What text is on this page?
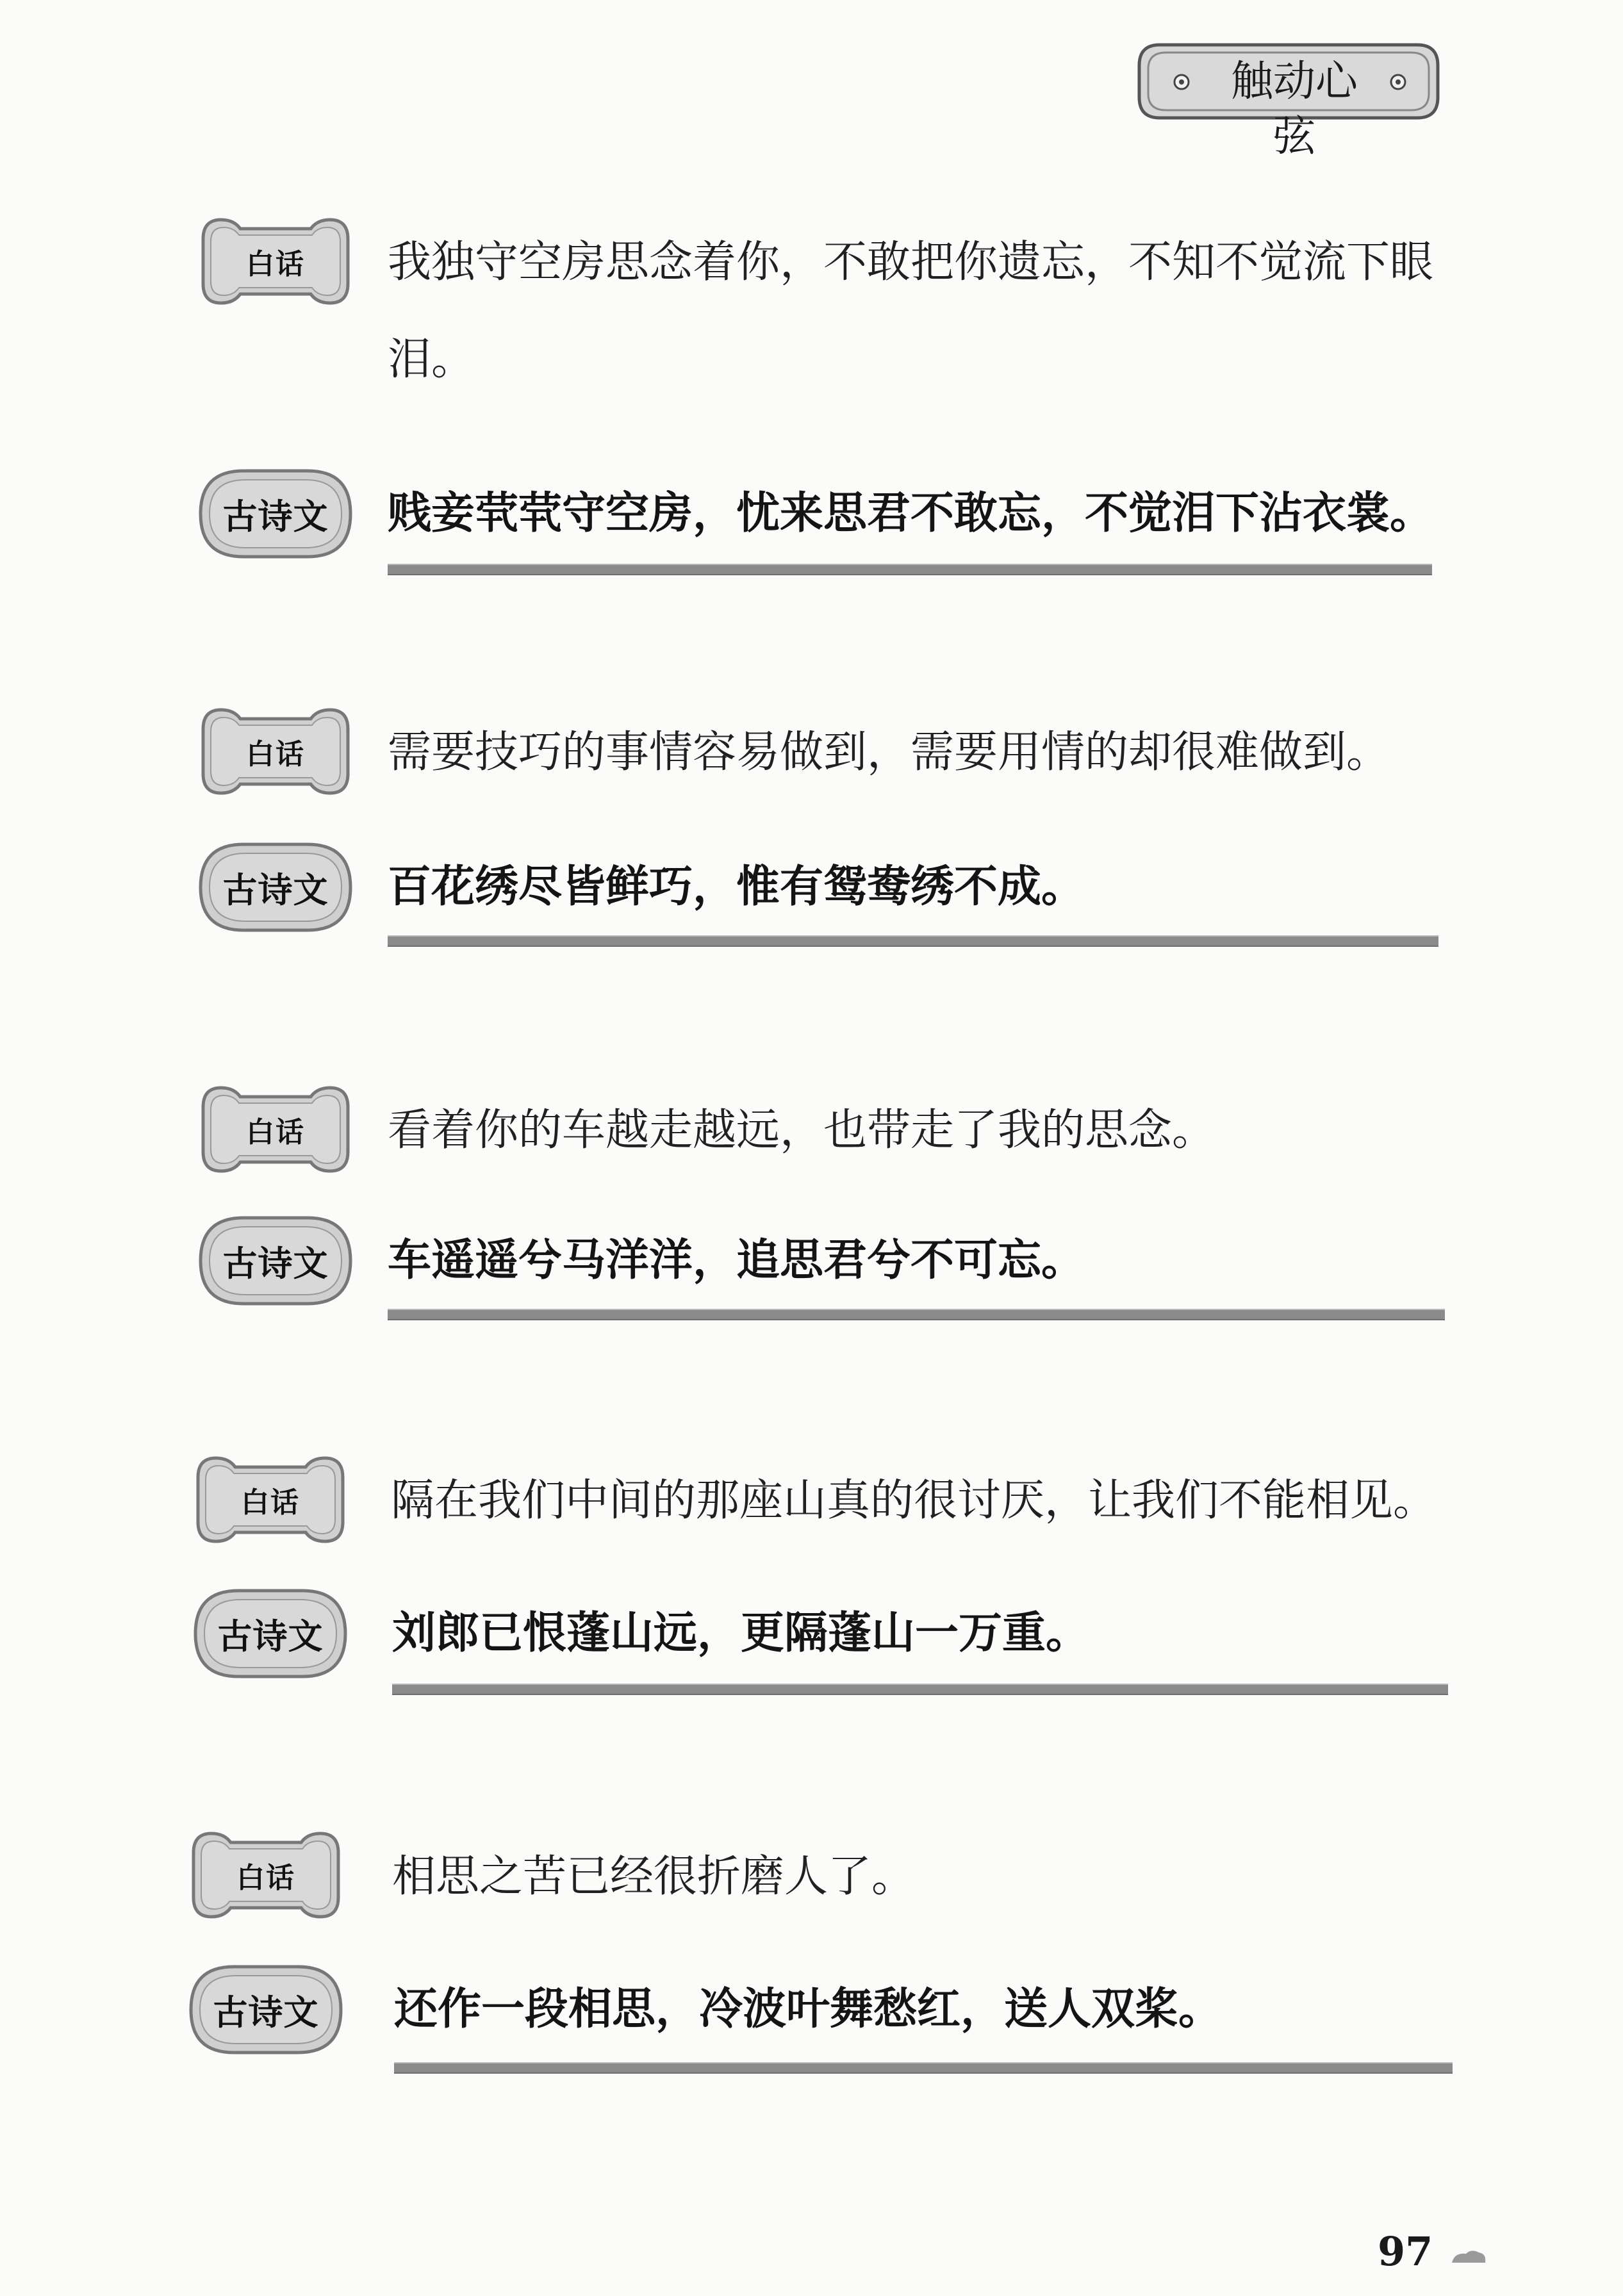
触动心弦
白话	我独守空房思念着你，不敢把你遗忘，不知不觉流下眼泪。
古诗文	贱妾茕茕守空房，忧来思君不敢忘，不觉泪下沾衣裳。
白话	需要技巧的事情容易做到，需要用情的却很难做到。
古诗文	百花绣尽皆鲜巧，惟有鸳鸯绣不成。
白话	看着你的车越走越远，也带走了我的思念。
古诗文	车遥遥兮马洋洋，追思君兮不可忘。
白话	隔在我们中间的那座山真的很讨厌，让我们不能相见。
古诗文	刘郎已恨蓬山远，更隔蓬山一万重。
白话	相思之苦已经很折磨人了。
古诗文	还作一段相思，冷波叶舞愁红，送人双桨。
97
